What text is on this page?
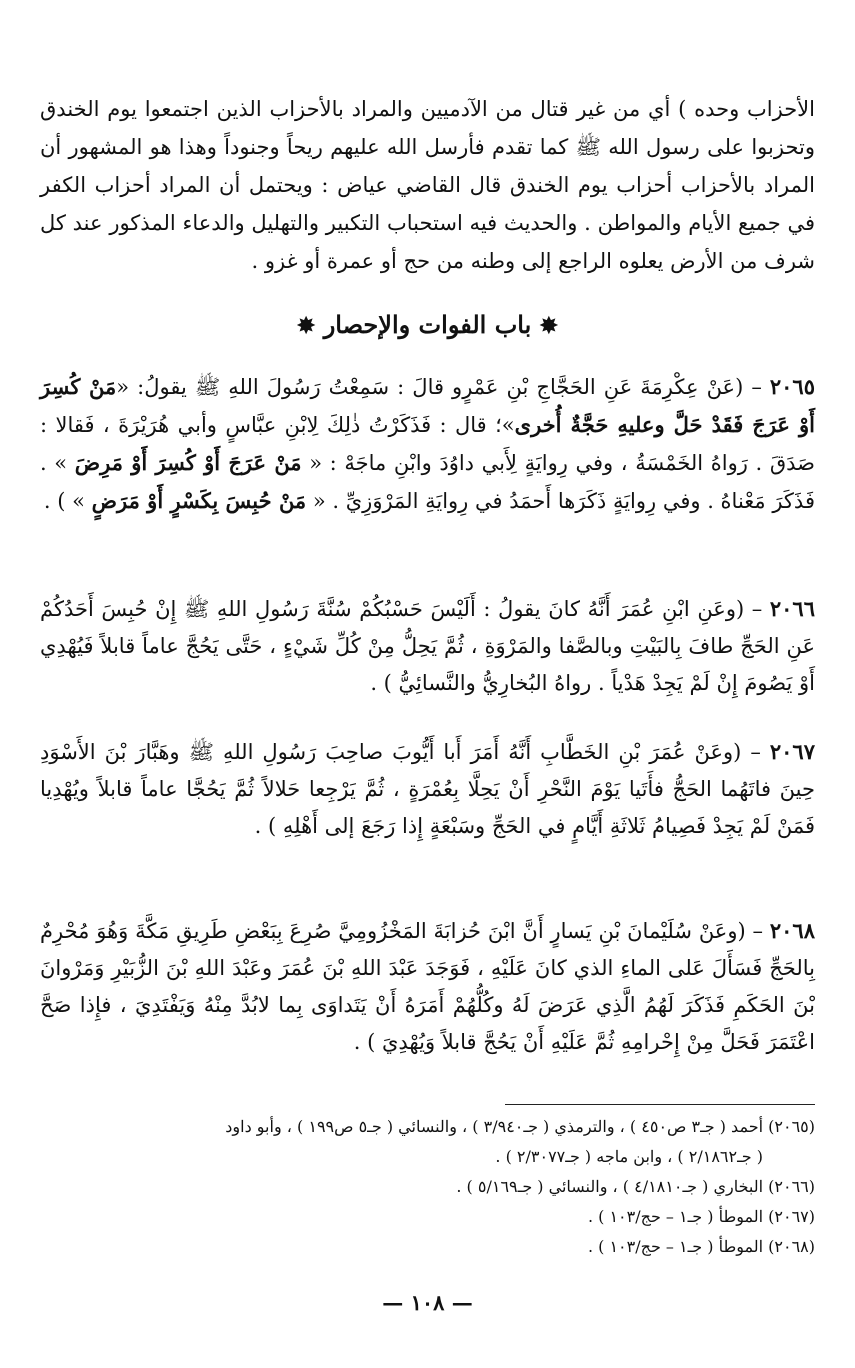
الأحزاب وحده ) أي من غير قتال من الآدميين والمراد بالأحزاب الذين اجتمعوا يوم الخندق وتحزبوا على رسول الله ﷺ كما تقدم فأرسل الله عليهم ريحاً وجنوداً وهذا هو المشهور أن المراد بالأحزاب أحزاب يوم الخندق قال القاضي عياض : ويحتمل أن المراد أحزاب الكفر في جميع الأيام والمواطن . والحديث فيه استحباب التكبير والتهليل والدعاء المذكور عند كل شرف من الأرض يعلوه الراجع إلى وطنه من حج أو عمرة أو غزو .

✸ باب الفوات والإحصار ✸

٢٠٦٥ – (عَنْ عِكْرِمَةَ عَنِ الحَجَّاجِ بْنِ عَمْرٍو قالَ : سَمِعْتُ رَسُولَ اللهِ ﷺ يقولُ: «مَنْ كُسِرَ أَوْ عَرَجَ فَقَدْ حَلَّ وعليهِ حَجَّةٌ أُخرى»؛ قال : فَذَكَرْتُ ذٰلِكَ لِابْنِ عبَّاسٍ وأبي هُرَيْرَةَ ، فَقالا : صَدَقَ . رَواهُ الخَمْسَةُ ، وفي رِوايَةٍ لِأَبي داوُدَ وابْنِ ماجَهْ : « مَنْ عَرَجَ أَوْ كُسِرَ أَوْ مَرِضَ » . فَذَكَرَ مَعْناهُ . وفي رِوايَةٍ ذَكَرَها أَحمَدُ في رِوايَةِ المَرْوَزِيِّ . « مَنْ حُبِسَ بِكَسْرٍ أَوْ مَرَضٍ » ) .

٢٠٦٦ – (وعَنِ ابْنِ عُمَرَ أَنَّهُ كانَ يقولُ : أَلَيْسَ حَسْبُكُمْ سُنَّةَ رَسُولِ اللهِ ﷺ إِنْ حُبِسَ أَحَدُكُمْ عَنِ الحَجِّ طافَ بِالبَيْتِ وبالصَّفا والمَرْوَةِ ، ثُمَّ يَحِلُّ مِنْ كُلِّ شَيْءٍ ، حَتَّى يَحُجَّ عاماً قابلاً فَيُهْدِي أَوْ يَصُومَ إِنْ لَمْ يَجِدْ هَدْياً . رواهُ البُخارِيُّ والنَّسائِيُّ ) .

٢٠٦٧ – (وعَنْ عُمَرَ بْنِ الخَطَّابِ أَنَّهُ أَمَرَ أَبا أَيُّوبَ صاحِبَ رَسُولِ اللهِ ﷺ وهَبَّارَ بْنَ الأَسْوَدِ حِينَ فاتَهُما الحَجُّ فأَتَيا يَوْمَ النَّحْرِ أَنْ يَحِلَّا بِعُمْرَةٍ ، ثُمَّ يَرْجِعا حَلالاً ثُمَّ يَحُجَّا عاماً قابلاً ويُهْدِيا فَمَنْ لَمْ يَجِدْ فَصِيامُ ثَلاثَةِ أَيَّامٍ في الحَجِّ وسَبْعَةٍ إِذا رَجَعَ إلى أَهْلِهِ ) .

٢٠٦٨ – (وعَنْ سُلَيْمانَ بْنِ يَسارٍ أَنَّ ابْنَ حُزابَةَ المَخْزُومِيَّ صُرِعَ بِبَعْضِ طَرِيقِ مَكَّةَ وَهُوَ مُحْرِمٌ بِالحَجِّ فَسَأَلَ عَلى الماءِ الذي كانَ عَلَيْهِ ، فَوَجَدَ عَبْدَ اللهِ بْنَ عُمَرَ وعَبْدَ اللهِ بْنَ الزُّبَيْرِ وَمَرْوانَ بْنَ الحَكَمِ فَذَكَرَ لَهُمُ الَّذِي عَرَضَ لَهُ وكُلُّهُمْ أَمَرَهُ أَنْ يَتَداوَى بِما لابُدَّ مِنْهُ وَيَفْتَدِيَ ، فإِذا صَحَّ اعْتَمَرَ فَحَلَّ مِنْ إِحْرامِهِ ثُمَّ عَلَيْهِ أَنْ يَحُجَّ قابلاً وَيُهْدِيَ ) .

(٢٠٦٥) أحمد ( جـ٣ ص٤٥٠ ) ، والترمذي ( جـ٣/٩٤٠ ) ، والنسائي ( جـ٥ ص١٩٩ ) ، وأبو داود
( جـ٢/١٨٦٢ ) ، وابن ماجه ( جـ٢/٣٠٧٧ ) .
(٢٠٦٦) البخاري ( جـ٤/١٨١٠ ) ، والنسائي ( جـ٥/١٦٩ ) .
(٢٠٦٧) الموطأ ( جـ١ – حج/١٠٣ ) .
(٢٠٦٨) الموطأ ( جـ١ – حج/١٠٣ ) .
— ١٠٨ —
